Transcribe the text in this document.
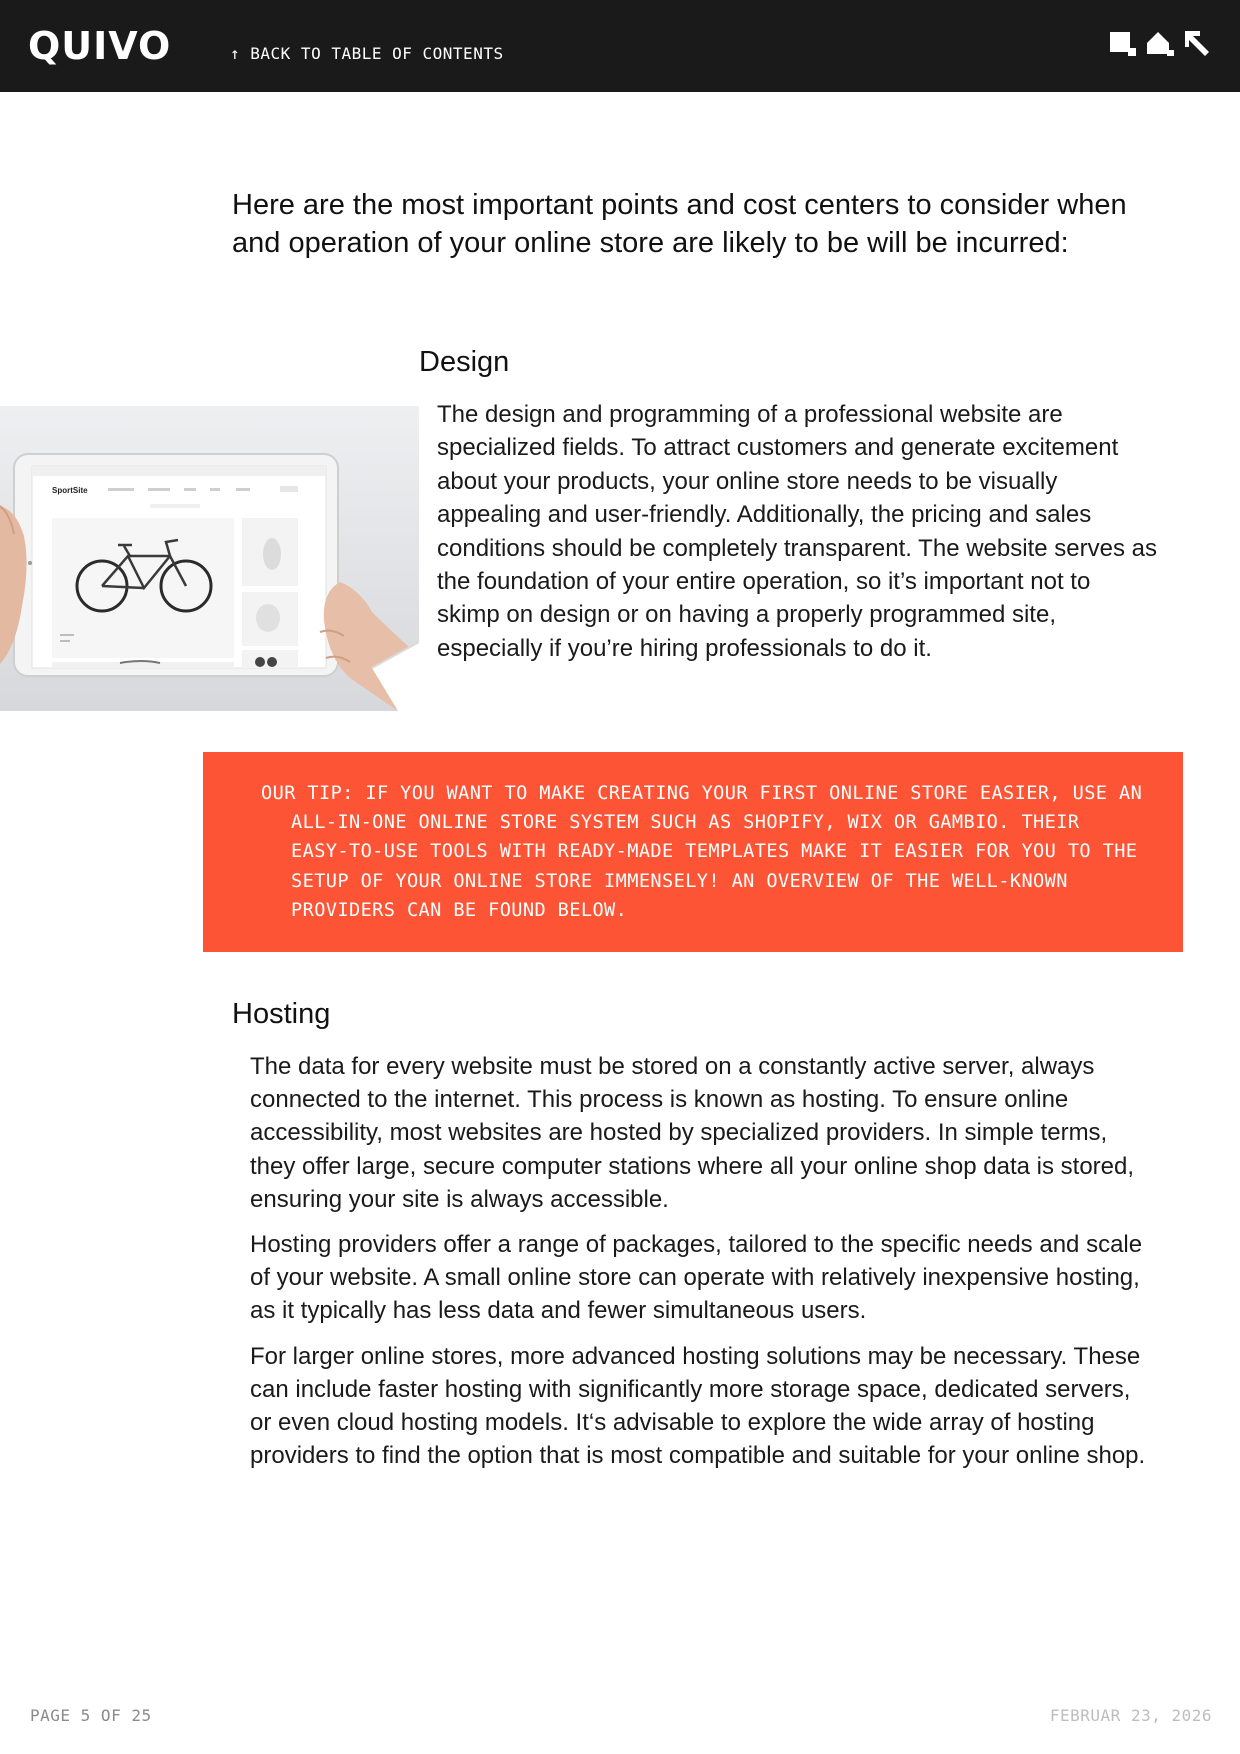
QUIVO	↑ BACK TO TABLE OF CONTENTS
Here are the most important points and cost centers to consider when and operation of your online store are likely to be will be incurred:
Design
SportSite

The design and programming of a professional website are specialized fields. To attract customers and generate excitement about your products, your online store needs to be visually appealing and user-friendly. Additionally, the pricing and sales conditions should be completely transparent. The website serves as the foundation of your entire operation, so it’s important not to skimp on design or on having a properly programmed site, especially if you’re hiring professionals to do it.

OUR TIP: IF YOU WANT TO MAKE CREATING YOUR FIRST ONLINE STORE EASIER, USE AN ALL-IN-ONE ONLINE STORE SYSTEM SUCH AS SHOPIFY, WIX OR GAMBIO. THEIR EASY-TO-USE TOOLS WITH READY-MADE TEMPLATES MAKE IT EASIER FOR YOU TO THE SETUP OF YOUR ONLINE STORE IMMENSELY! AN OVERVIEW OF THE WELL-KNOWN PROVIDERS CAN BE FOUND BELOW.

Hosting

The data for every website must be stored on a constantly active server, always connected to the internet. This process is known as hosting. To ensure online accessibility, most websites are hosted by specialized providers. In simple terms, they offer large, secure computer stations where all your online shop data is stored, ensuring your site is always accessible.

Hosting providers offer a range of packages, tailored to the specific needs and scale of your website. A small online store can operate with relatively inexpensive hosting, as it typically has less data and fewer simultaneous users.

For larger online stores, more advanced hosting solutions may be necessary. These can include faster hosting with significantly more storage space, dedicated servers, or even cloud hosting models. It‘s advisable to explore the wide array of hosting providers to find the option that is most compatible and suitable for your online shop.

PAGE 5 OF 25	FEBRUAR 23, 2026
